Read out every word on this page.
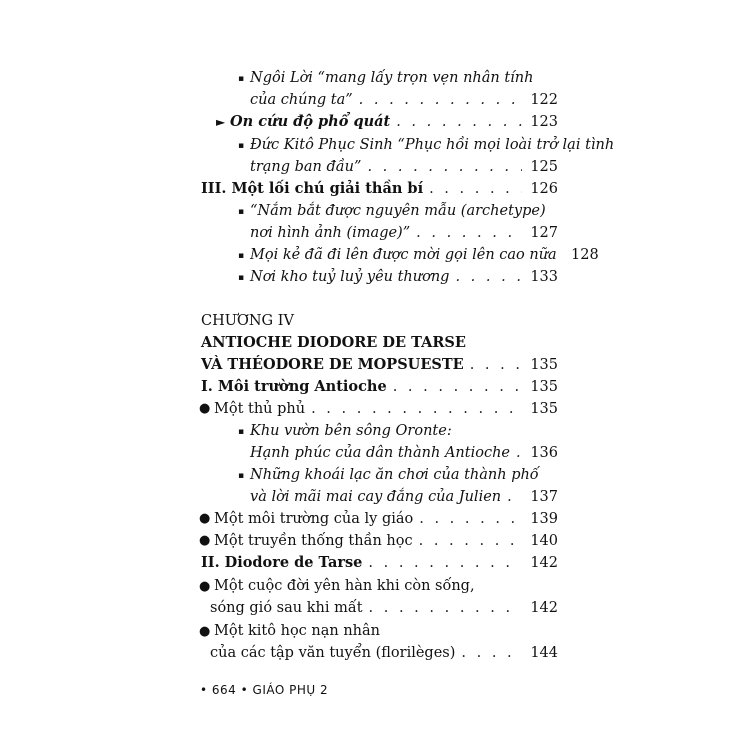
▪ Ngôi Lời “mang lấy trọn vẹn nhân tính
của chúng ta” . . .	122
► On cứu độ phổ quát . . .	123
▪ Đức Kitô Phục Sinh “Phục hồi mọi loài trở lại tình
trạng ban đầu” . . .	125
III. Một lối chú giải thần bí . . .	126
▪ “Nắm bắt được nguyên mẫu (archetype)
nơi hình ảnh (image)” . . .	127
▪ Mọi kẻ đã đi lên được mời gọi lên cao nữa 128
▪ Nơi kho tuỷ luỷ yêu thương . . .	133
CHƯƠNG IV
ANTIOCHE DIODORE DE TARSE
VÀ THÉODORE DE MOPSUESTE . . .	135
I. Môi trường Antioche . . .	135
● Một thủ phủ . . .	135
▪ Khu vườn bên sông Oronte:
Hạnh phúc của dân thành Antioche . . . 136
▪ Những khoái lạc ăn chơi của thành phố
và lời mãi mai cay đắng của Julien . . . 137
● Một môi trường của ly giáo . . .	139
● Một truyền thống thần học . . .	140
II. Diodore de Tarse . . .	142
● Một cuộc đời yên hàn khi còn sống,
sóng gió sau khi mất . . .	142
● Một kitô học nạn nhân
của các tập văn tuyển (florilèges) . . .	144
• 664 • GIÁO PHỤ 2
